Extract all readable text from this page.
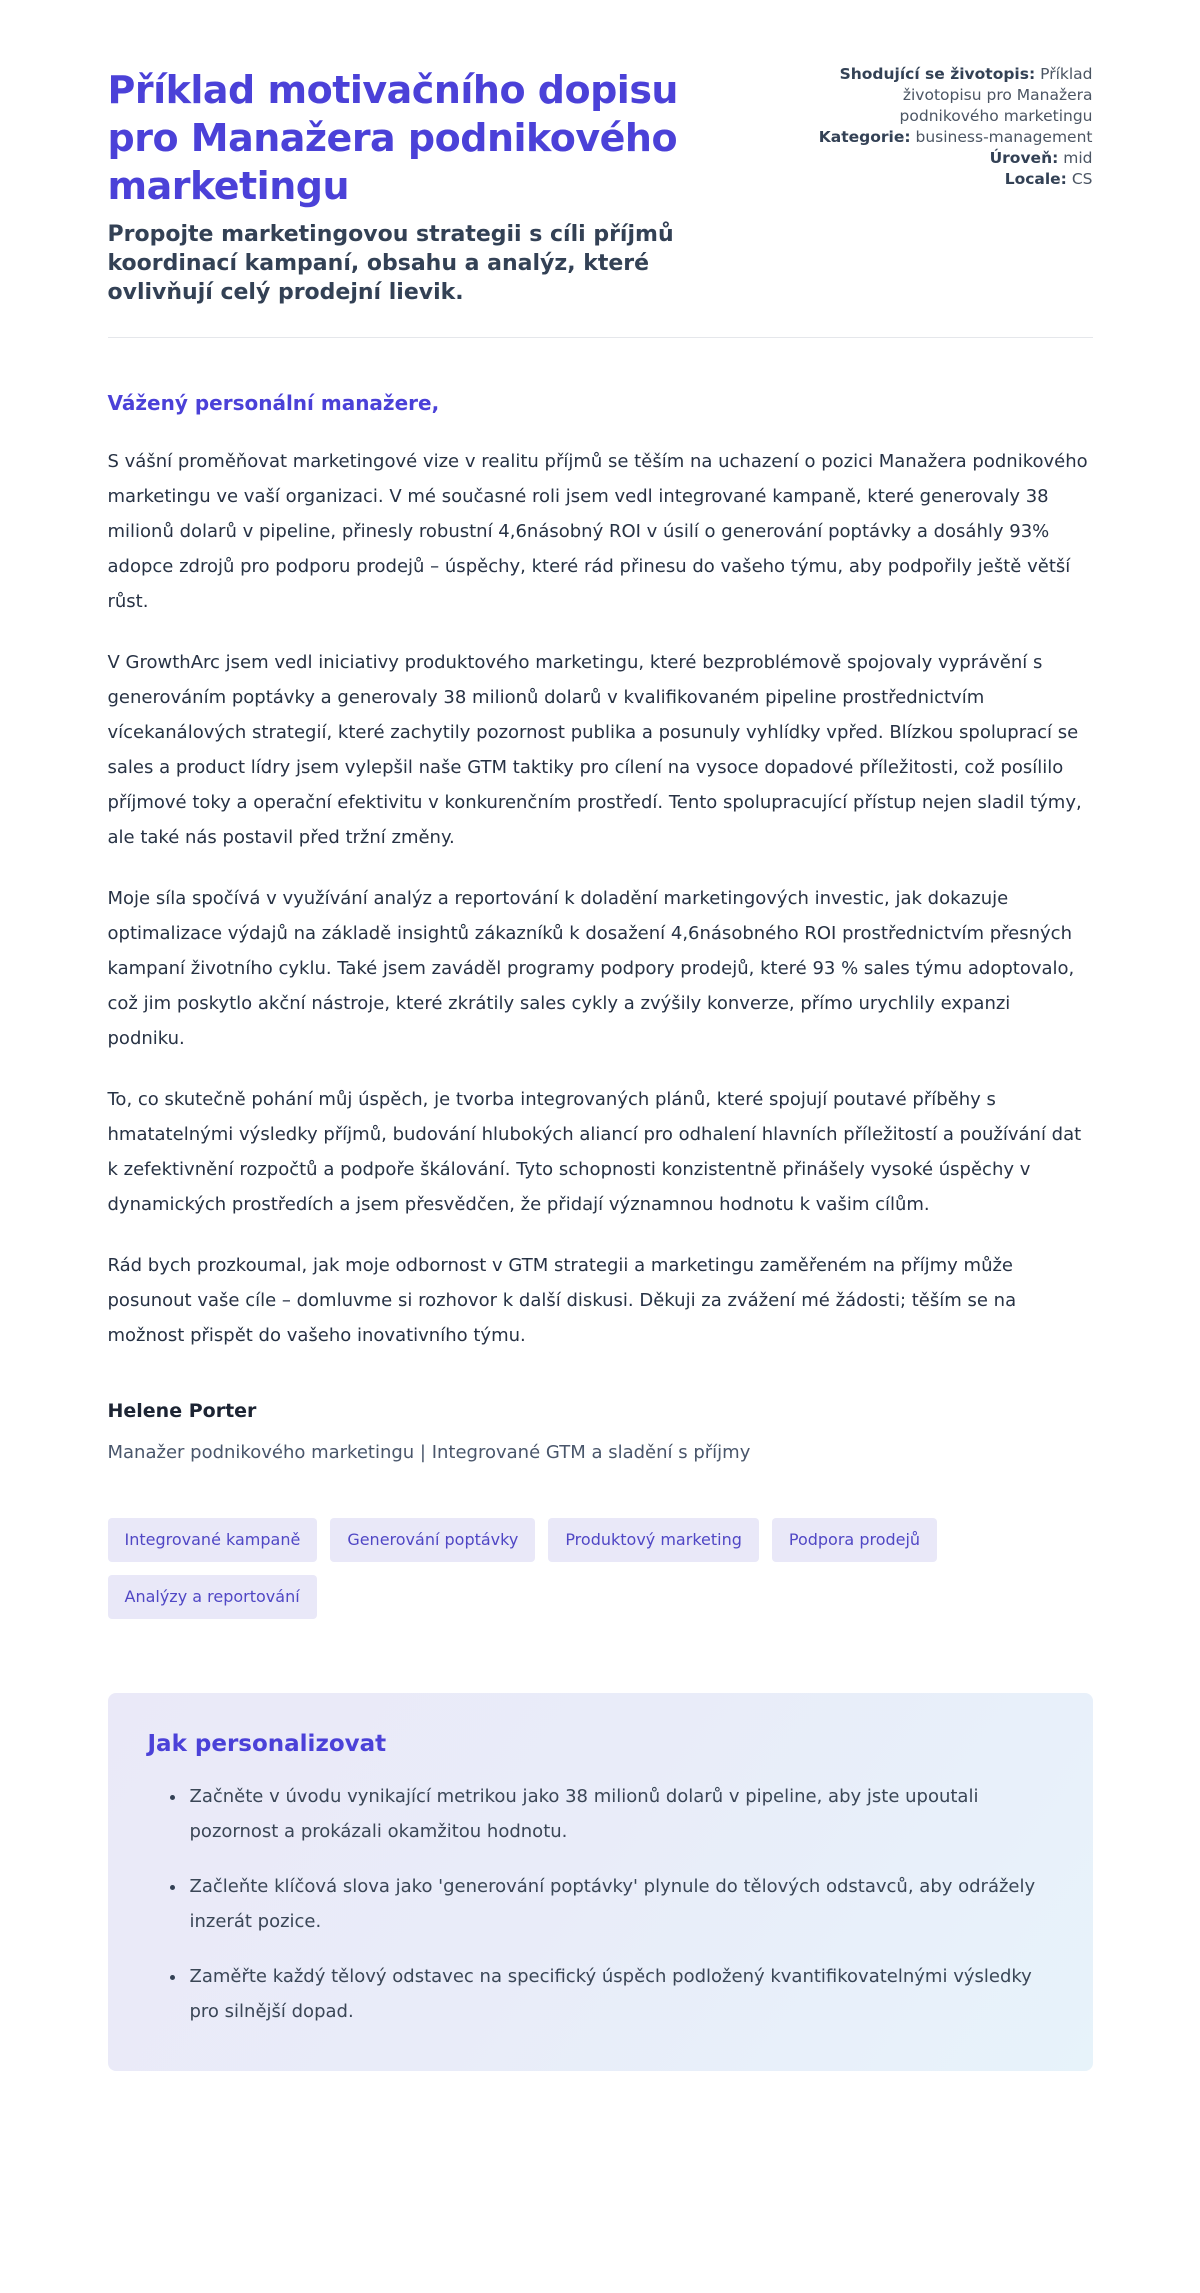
Příklad motivačního dopisu pro Manažera podnikového marketingu
Propojte marketingovou strategii s cíli příjmů koordinací kampaní, obsahu a analýz, které ovlivňují celý prodejní lievik.
Shodující se životopis: Příklad životopisu pro Manažera podnikového marketingu
Kategorie: business-management
Úroveň: mid
Locale: CS

Vážený personální manažere,

S vášní proměňovat marketingové vize v realitu příjmů se těším na uchazení o pozici Manažera podnikového marketingu ve vaší organizaci. V mé současné roli jsem vedl integrované kampaně, které generovaly 38 milionů dolarů v pipeline, přinesly robustní 4,6násobný ROI v úsilí o generování poptávky a dosáhly 93% adopce zdrojů pro podporu prodejů – úspěchy, které rád přinesu do vašeho týmu, aby podpořily ještě větší růst.

V GrowthArc jsem vedl iniciativy produktového marketingu, které bezproblémově spojovaly vyprávění s generováním poptávky a generovaly 38 milionů dolarů v kvalifikovaném pipeline prostřednictvím vícekanálových strategií, které zachytily pozornost publika a posunuly vyhlídky vpřed. Blízkou spoluprací se sales a product lídry jsem vylepšil naše GTM taktiky pro cílení na vysoce dopadové příležitosti, což posílilo příjmové toky a operační efektivitu v konkurenčním prostředí. Tento spolupracující přístup nejen sladil týmy, ale také nás postavil před tržní změny.

Moje síla spočívá v využívání analýz a reportování k doladění marketingových investic, jak dokazuje optimalizace výdajů na základě insightů zákazníků k dosažení 4,6násobného ROI prostřednictvím přesných kampaní životního cyklu. Také jsem zaváděl programy podpory prodejů, které 93 % sales týmu adoptovalo, což jim poskytlo akční nástroje, které zkrátily sales cykly a zvýšily konverze, přímo urychlily expanzi podniku.

To, co skutečně pohání můj úspěch, je tvorba integrovaných plánů, které spojují poutavé příběhy s hmatatelnými výsledky příjmů, budování hlubokých aliancí pro odhalení hlavních příležitostí a používání dat k zefektivnění rozpočtů a podpoře škálování. Tyto schopnosti konzistentně přinášely vysoké úspěchy v dynamických prostředích a jsem přesvědčen, že přidají významnou hodnotu k vašim cílům.

Rád bych prozkoumal, jak moje odbornost v GTM strategii a marketingu zaměřeném na příjmy může posunout vaše cíle – domluvme si rozhovor k další diskusi. Děkuji za zvážení mé žádosti; těším se na možnost přispět do vašeho inovativního týmu.

Helene Porter

Manažer podnikového marketingu | Integrované GTM a sladění s příjmy

Integrované kampaně	Generování poptávky	Produktový marketing	Podpora prodejů
Analýzy a reportování
Jak personalizovat
• Začněte v úvodu vynikající metrikou jako 38 milionů dolarů v pipeline, aby jste upoutali pozornost a prokázali okamžitou hodnotu.
• Začleňte klíčová slova jako 'generování poptávky' plynule do tělových odstavců, aby odrážely inzerát pozice.
• Zaměřte každý tělový odstavec na specifický úspěch podložený kvantifikovatelnými výsledky pro silnější dopad.
